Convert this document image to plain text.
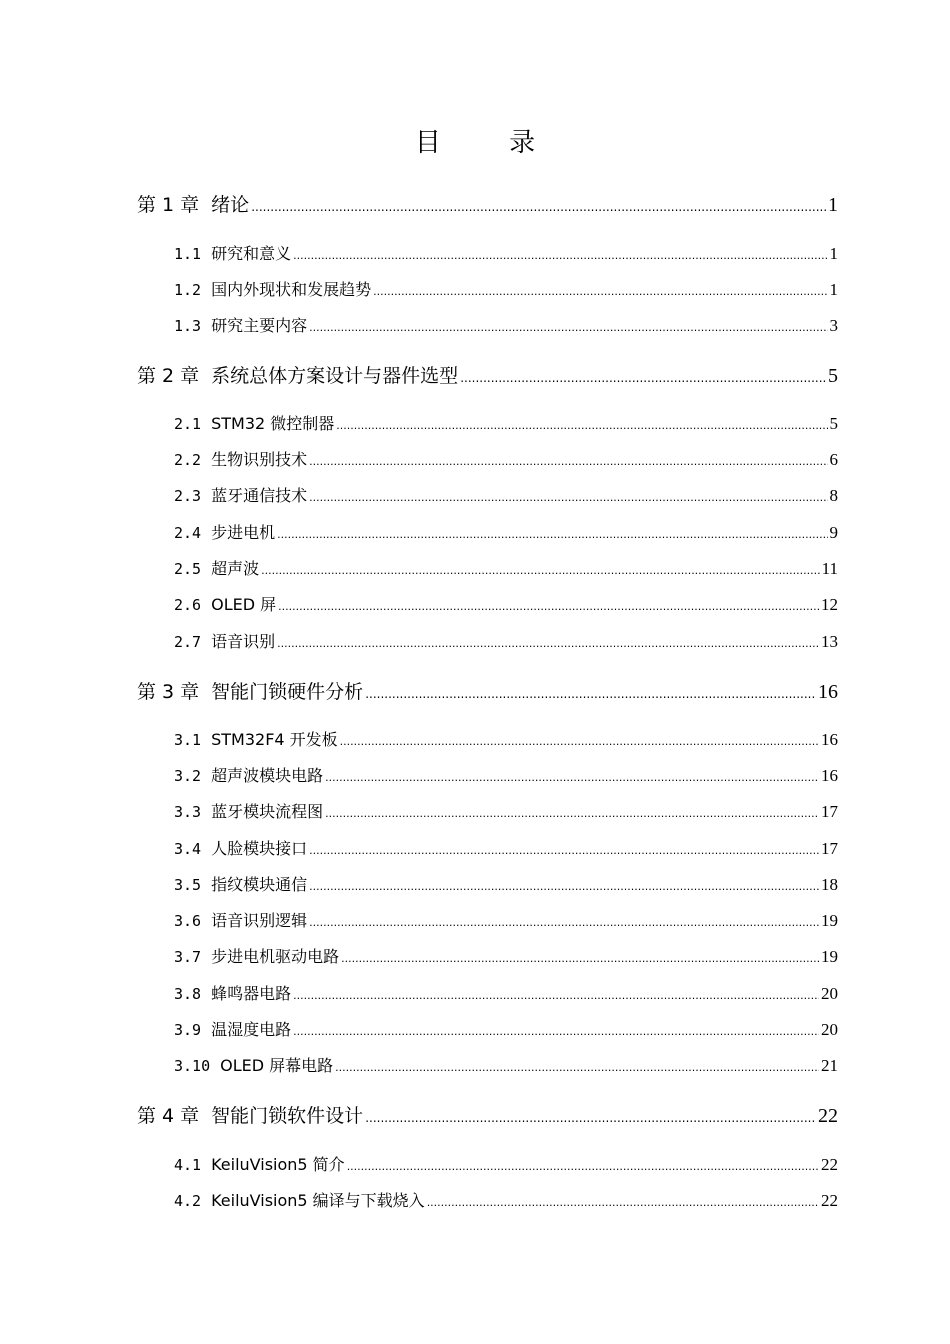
目 录
第 1 章 绪论 .....	1
1.1 研究和意义 .....	1
1.2 国内外现状和发展趋势 .....	1
1.3 研究主要内容 .....	3
第 2 章 系统总体方案设计与器件选型 .....	5
2.1 STM32 微控制器 .....	5
2.2 生物识别技术 .....	6
2.3 蓝牙通信技术 .....	8
2.4 步进电机 .....	9
2.5 超声波 .....	11
2.6 OLED 屏 .....	12
2.7 语音识别 .....	13
第 3 章 智能门锁硬件分析 .....	16
3.1 STM32F4 开发板 .....	16
3.2 超声波模块电路 .....	16
3.3 蓝牙模块流程图 .....	17
3.4 人脸模块接口 .....	17
3.5 指纹模块通信 .....	18
3.6 语音识别逻辑 .....	19
3.7 步进电机驱动电路 .....	19
3.8 蜂鸣器电路 .....	20
3.9 温湿度电路 .....	20
3.10 OLED 屏幕电路 .....	21
第 4 章 智能门锁软件设计 .....	22
4.1 KeiluVision5 简介 .....	22
4.2 KeiluVision5 编译与下载烧入 .....	22
